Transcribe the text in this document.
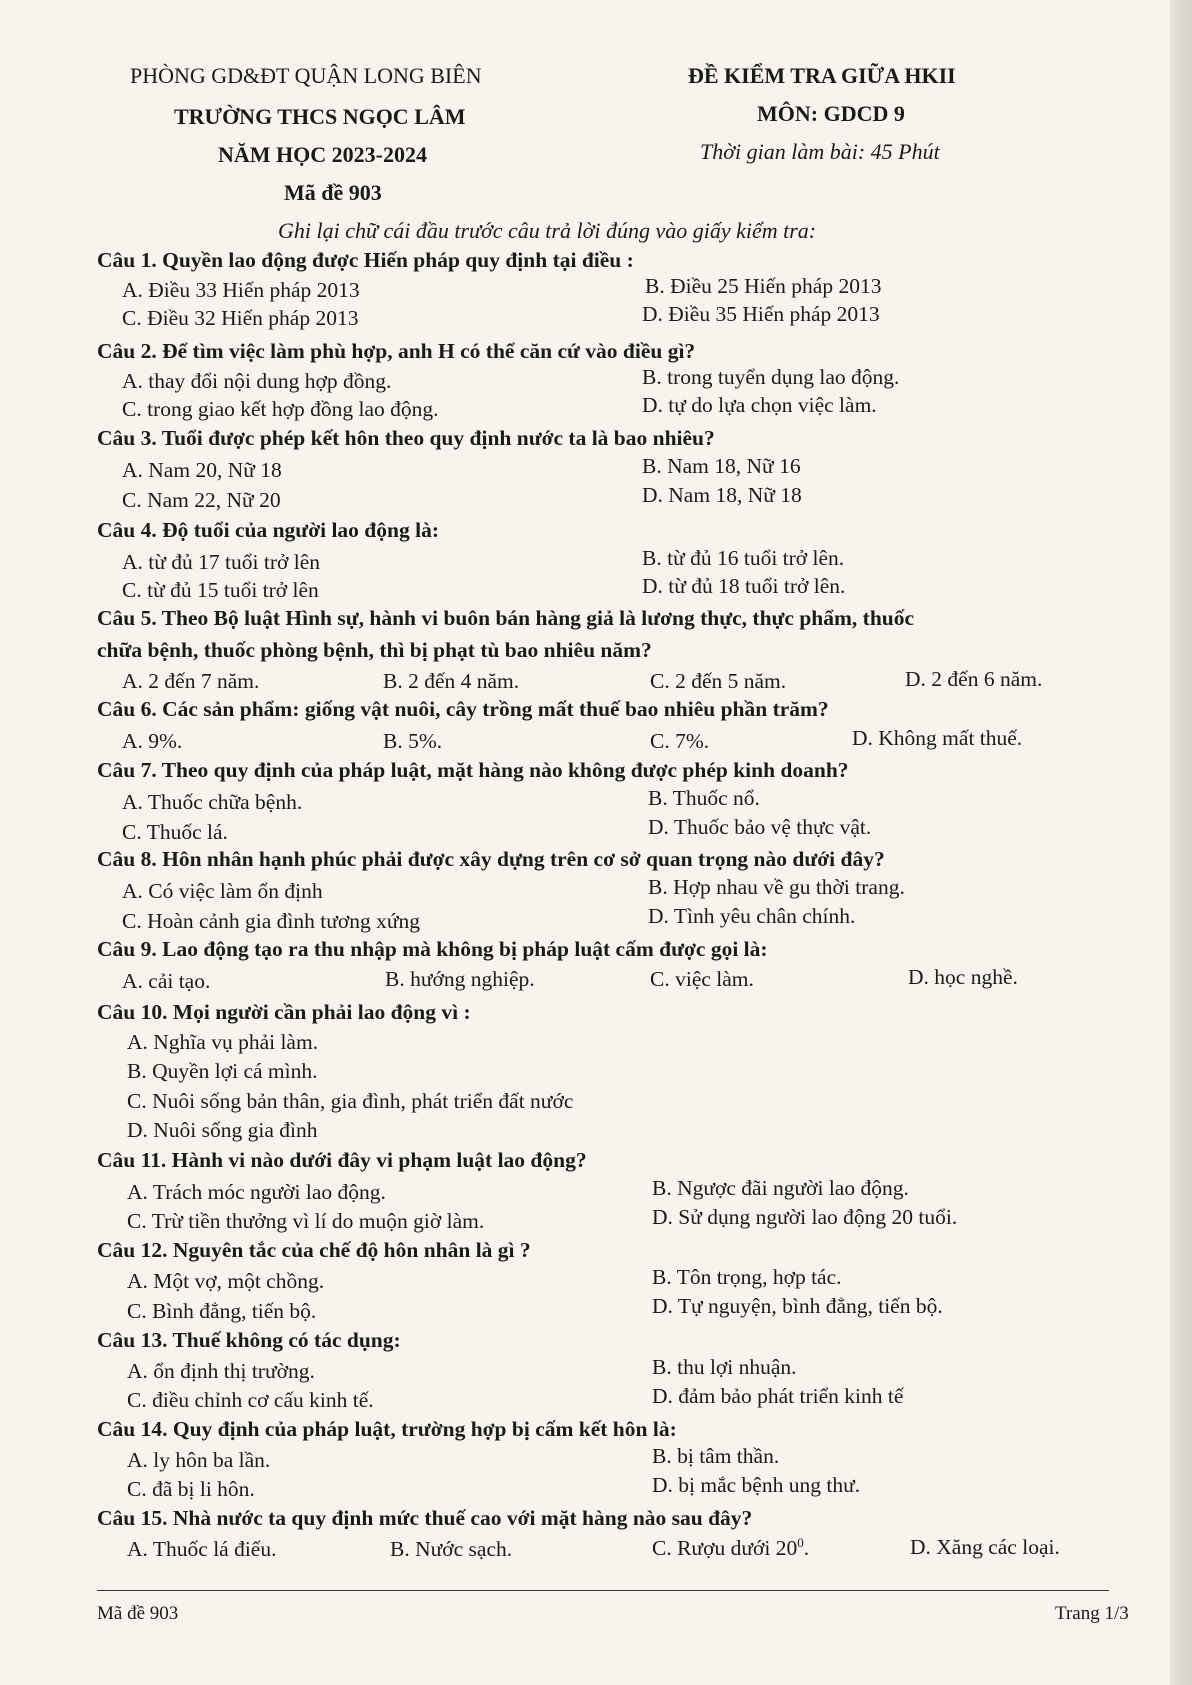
PHÒNG GD&ĐT QUẬN LONG BIÊN
TRƯỜNG THCS NGỌC LÂM
NĂM HỌC 2023-2024
Mã đề 903
ĐỀ KIỂM TRA GIỮA HKII
MÔN: GDCD 9
Thời gian làm bài: 45 Phút
Ghi lại chữ cái đầu trước câu trả lời đúng vào giấy kiểm tra:
Câu 1. Quyền lao động được Hiến pháp quy định tại điều :
A. Điều 33 Hiến pháp 2013	B. Điều 25 Hiến pháp 2013
C. Điều 32 Hiến pháp 2013	D. Điều 35 Hiến pháp 2013
Câu 2. Để tìm việc làm phù hợp, anh H có thể căn cứ vào điều gì?
A. thay đổi nội dung hợp đồng.	B. trong tuyển dụng lao động.
C. trong giao kết hợp đồng lao động.	D. tự do lựa chọn việc làm.
Câu 3. Tuổi được phép kết hôn theo quy định nước ta là bao nhiêu?
A. Nam 20, Nữ 18	B. Nam 18, Nữ 16
C. Nam 22, Nữ 20	D. Nam 18, Nữ 18
Câu 4. Độ tuổi của người lao động là:
A. từ đủ 17 tuổi trở lên	B. từ đủ 16 tuổi trở lên.
C. từ đủ 15 tuổi trở lên	D. từ đủ 18 tuổi trở lên.
Câu 5. Theo Bộ luật Hình sự, hành vi buôn bán hàng giả là lương thực, thực phẩm, thuốc
chữa bệnh, thuốc phòng bệnh, thì bị phạt tù bao nhiêu năm?
A. 2 đến 7 năm.	B. 2 đến 4 năm.	C. 2 đến 5 năm.	D. 2 đến 6 năm.
Câu 6. Các sản phẩm: giống vật nuôi, cây trồng mất thuế bao nhiêu phần trăm?
A. 9%.	B. 5%.	C. 7%.	D. Không mất thuế.
Câu 7. Theo quy định của pháp luật, mặt hàng nào không được phép kinh doanh?
A. Thuốc chữa bệnh.	B. Thuốc nổ.
C. Thuốc lá.	D. Thuốc bảo vệ thực vật.
Câu 8. Hôn nhân hạnh phúc phải được xây dựng trên cơ sở quan trọng nào dưới đây?
A. Có việc làm ổn định	B. Hợp nhau về gu thời trang.
C. Hoàn cảnh gia đình tương xứng	D. Tình yêu chân chính.
Câu 9. Lao động tạo ra thu nhập mà không bị pháp luật cấm được gọi là:
A. cải tạo.	B. hướng nghiệp.	C. việc làm.	D. học nghề.
Câu 10. Mọi người cần phải lao động vì :
A. Nghĩa vụ phải làm.
B. Quyền lợi cá mình.
C. Nuôi sống bản thân, gia đình, phát triển đất nước
D. Nuôi sống gia đình
Câu 11. Hành vi nào dưới đây vi phạm luật lao động?
A. Trách móc người lao động.	B. Ngược đãi người lao động.
C. Trừ tiền thưởng vì lí do muộn giờ làm.	D. Sử dụng người lao động 20 tuổi.
Câu 12. Nguyên tắc của chế độ hôn nhân là gì ?
A. Một vợ, một chồng.	B. Tôn trọng, hợp tác.
C. Bình đẳng, tiến bộ.	D. Tự nguyện, bình đẳng, tiến bộ.
Câu 13. Thuế không có tác dụng:
A. ổn định thị trường.	B. thu lợi nhuận.
C. điều chỉnh cơ cấu kinh tế.	D. đảm bảo phát triển kinh tế
Câu 14. Quy định của pháp luật, trường hợp bị cấm kết hôn là:
A. ly hôn ba lần.	B. bị tâm thần.
C. đã bị li hôn.	D. bị mắc bệnh ung thư.
Câu 15. Nhà nước ta quy định mức thuế cao với mặt hàng nào sau đây?
A. Thuốc lá điếu.	B. Nước sạch.	C. Rượu dưới $20^0$.	D. Xăng các loại.
Mã đề 903	Trang 1/3
